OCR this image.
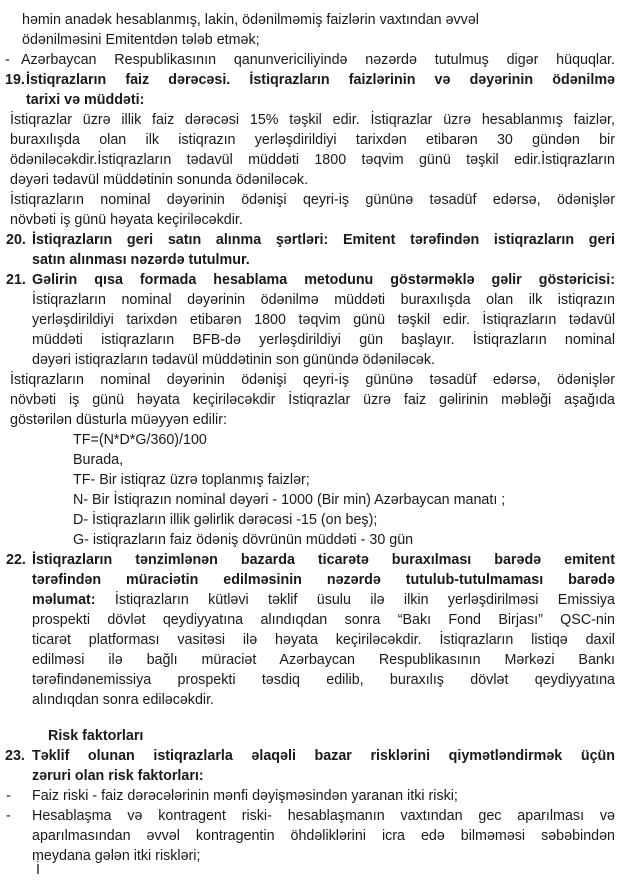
həmin anadək hesablanmış, lakin, ödənilməmiş faizlərin vaxtından əvvəl
ödənilməsini Emitentdən tələb etmək;
- Azərbaycan Respublikasının qanunvericiliyində nəzərdə tutulmuş digər hüquqlar.
19. İstiqrazların faiz dərəcəsi. İstiqrazların faizlərinin və dəyərinin ödənilmə
tarixi və müddəti:
İstiqrazlar üzrə illik faiz dərəcəsi 15% təşkil edir. İstiqrazlar üzrə hesablanmış faizlər,
buraxılışda olan ilk istiqrazın yerləşdirildiyi tarixdən etibarən 30 gündən bir
ödəniləcəkdir.İstiqrazların tədavül müddəti 1800 təqvim günü təşkil edir.İstiqrazların
dəyəri tədavül müddətinin sonunda ödəniləcək.
İstiqrazların nominal dəyərinin ödənişi qeyri-iş gününə təsadüf edərsə, ödənişlər
növbəti iş günü həyata keçiriləcəkdir.
20. İstiqrazların geri satın alınma şərtləri: Emitent tərəfindən istiqrazların geri
satın alınması nəzərdə tutulmur.
21. Gəlirin qısa formada hesablama metodunu göstərməklə gəlir göstəricisi:
İstiqrazların nominal dəyərinin ödənilmə müddəti buraxılışda olan ilk istiqrazın
yerləşdirildiyi tarixdən etibarən 1800 təqvim günü təşkil edir. İstiqrazların tədavül
müddəti istiqrazların BFB-də yerləşdirildiyi gün başlayır. İstiqrazların nominal
dəyəri istiqrazların tədavül müddətinin son günündə ödəniləcək.
İstiqrazların nominal dəyərinin ödənişi qeyri-iş gününə təsadüf edərsə, ödənişlər
növbəti iş günü həyata keçiriləcəkdir İstiqrazlar üzrə faiz gəlirinin məbləği aşağıda
göstərilən düsturla müəyyən edilir:
TF=(N*D*G/360)/100
Burada,
TF- Bir istiqraz üzrə toplanmış faizlər;
N- Bir İstiqrazın nominal dəyəri - 1000 (Bir min) Azərbaycan manatı ;
D- İstiqrazların illik gəlirlik dərəcəsi -15 (on beş);
G- istiqrazların faiz ödəniş dövrünün müddəti - 30 gün
22. İstiqrazların tənzimlənən bazarda ticarətə buraxılması barədə emitent
tərəfindən müraciətin edilməsinin nəzərdə tutulub-tutulmaması barədə
məlumat: İstiqrazların kütləvi təklif üsulu ilə ilkin yerləşdirilməsi Emissiya
prospekti dövlət qeydiyyatına alındıqdan sonra “Bakı Fond Birjası” QSC-nin
ticarət platforması vasitəsi ilə həyata keçiriləcəkdir. İstiqrazların listiqə daxil
edilməsi ilə bağlı müraciət Azərbaycan Respublikasının Mərkəzi Bankı
tərəfindənemissiya prospekti təsdiq edilib, buraxılış dövlət qeydiyyatına
alındıqdan sonra ediləcəkdir.
Risk faktorları
23. Təklif olunan istiqrazlarla əlaqəli bazar risklərini qiymətləndirmək üçün
zəruri olan risk faktorları:
- Faiz riski - faiz dərəcələrinin mənfi dəyişməsindən yaranan itki riski;
- Hesablaşma və kontragent riski- hesablaşmanın vaxtından gec aparılması və
aparılmasından əvvəl kontragentin öhdəliklərini icra edə bilməməsi səbəbindən
meydana gələn itki riskləri;
İ
